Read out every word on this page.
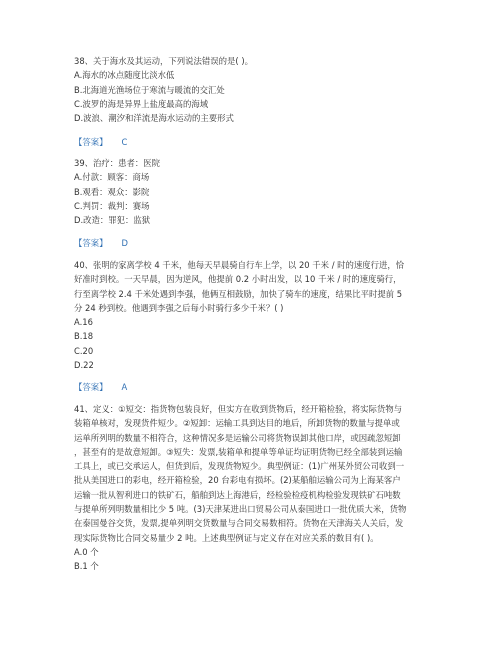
38、关于海水及其运动，下列说法错误的是( )。
A.海水的冰点随度比淡水低
B.北海道光渔场位于寒流与暖流的交汇处
C.波罗的海是异界上盐度最高的海域
D.波浪、潮汐和洋流是海水运动的主要形式
【答案】 C
39、治疗：患者：医院
A.付款：顾客：商场
B.观看：观众：影院
C.判罚：裁判：赛场
D.改造：罪犯：监狱
【答案】 D
40、张明的家离学校 4 千米，他每天早晨骑自行车上学，以 20 千米 / 时的速度行进，恰
好准时到校。一天早晨，因为逆风，他提前 0.2 小时出发，以 10 千米 / 时的速度骑行，
行至离学校 2.4 千米处遇到李强，他俩互相鼓励，加快了骑车的速度，结果比平时提前 5
分 24 秒到校。他遇到李强之后每小时骑行多少千米？( )
A.16
B.18
C.20
D.22
【答案】 A
41、定义：①短交：指货物包装良好，但实方在收到货物后，经开箱检验，将实际货物与
装箱单核对，发现货件短少。②短卸：运输工具到达目的地后，所卸货物的数量与提单或
运单所列明的数量不相符合，这种情况多是运输公司将货物误卸其他口岸，或因疏忽短卸
，甚至有的是故意短卸。③短失：发票,装箱单和提单等单证均证明货物已经全部装到运输
工具上，或已交承运人，但货到后，发现货物短少。典型例证：(1)广州某外贸公司收到一
批从美国进口的彩电，经开箱检验，20 台彩电有损坏。(2)某船舶运输公司为上海某客户
运输一批从智利进口的铁矿石，船舶到达上海港后，经检验检疫机构检验发现铁矿石吨数
与提单所列明数量相比少 5 吨。(3)天津某进出口贸易公司从泰国进口一批优质大米，货物
在泰国曼谷交货，发票,提单列明交货数量与合同交易数相符。货物在天津海关人关后，发
现实际货物比合同交易量少 2 吨。上述典型例证与定义存在对应关系的数目有( )。
A.0 个
B.1 个
